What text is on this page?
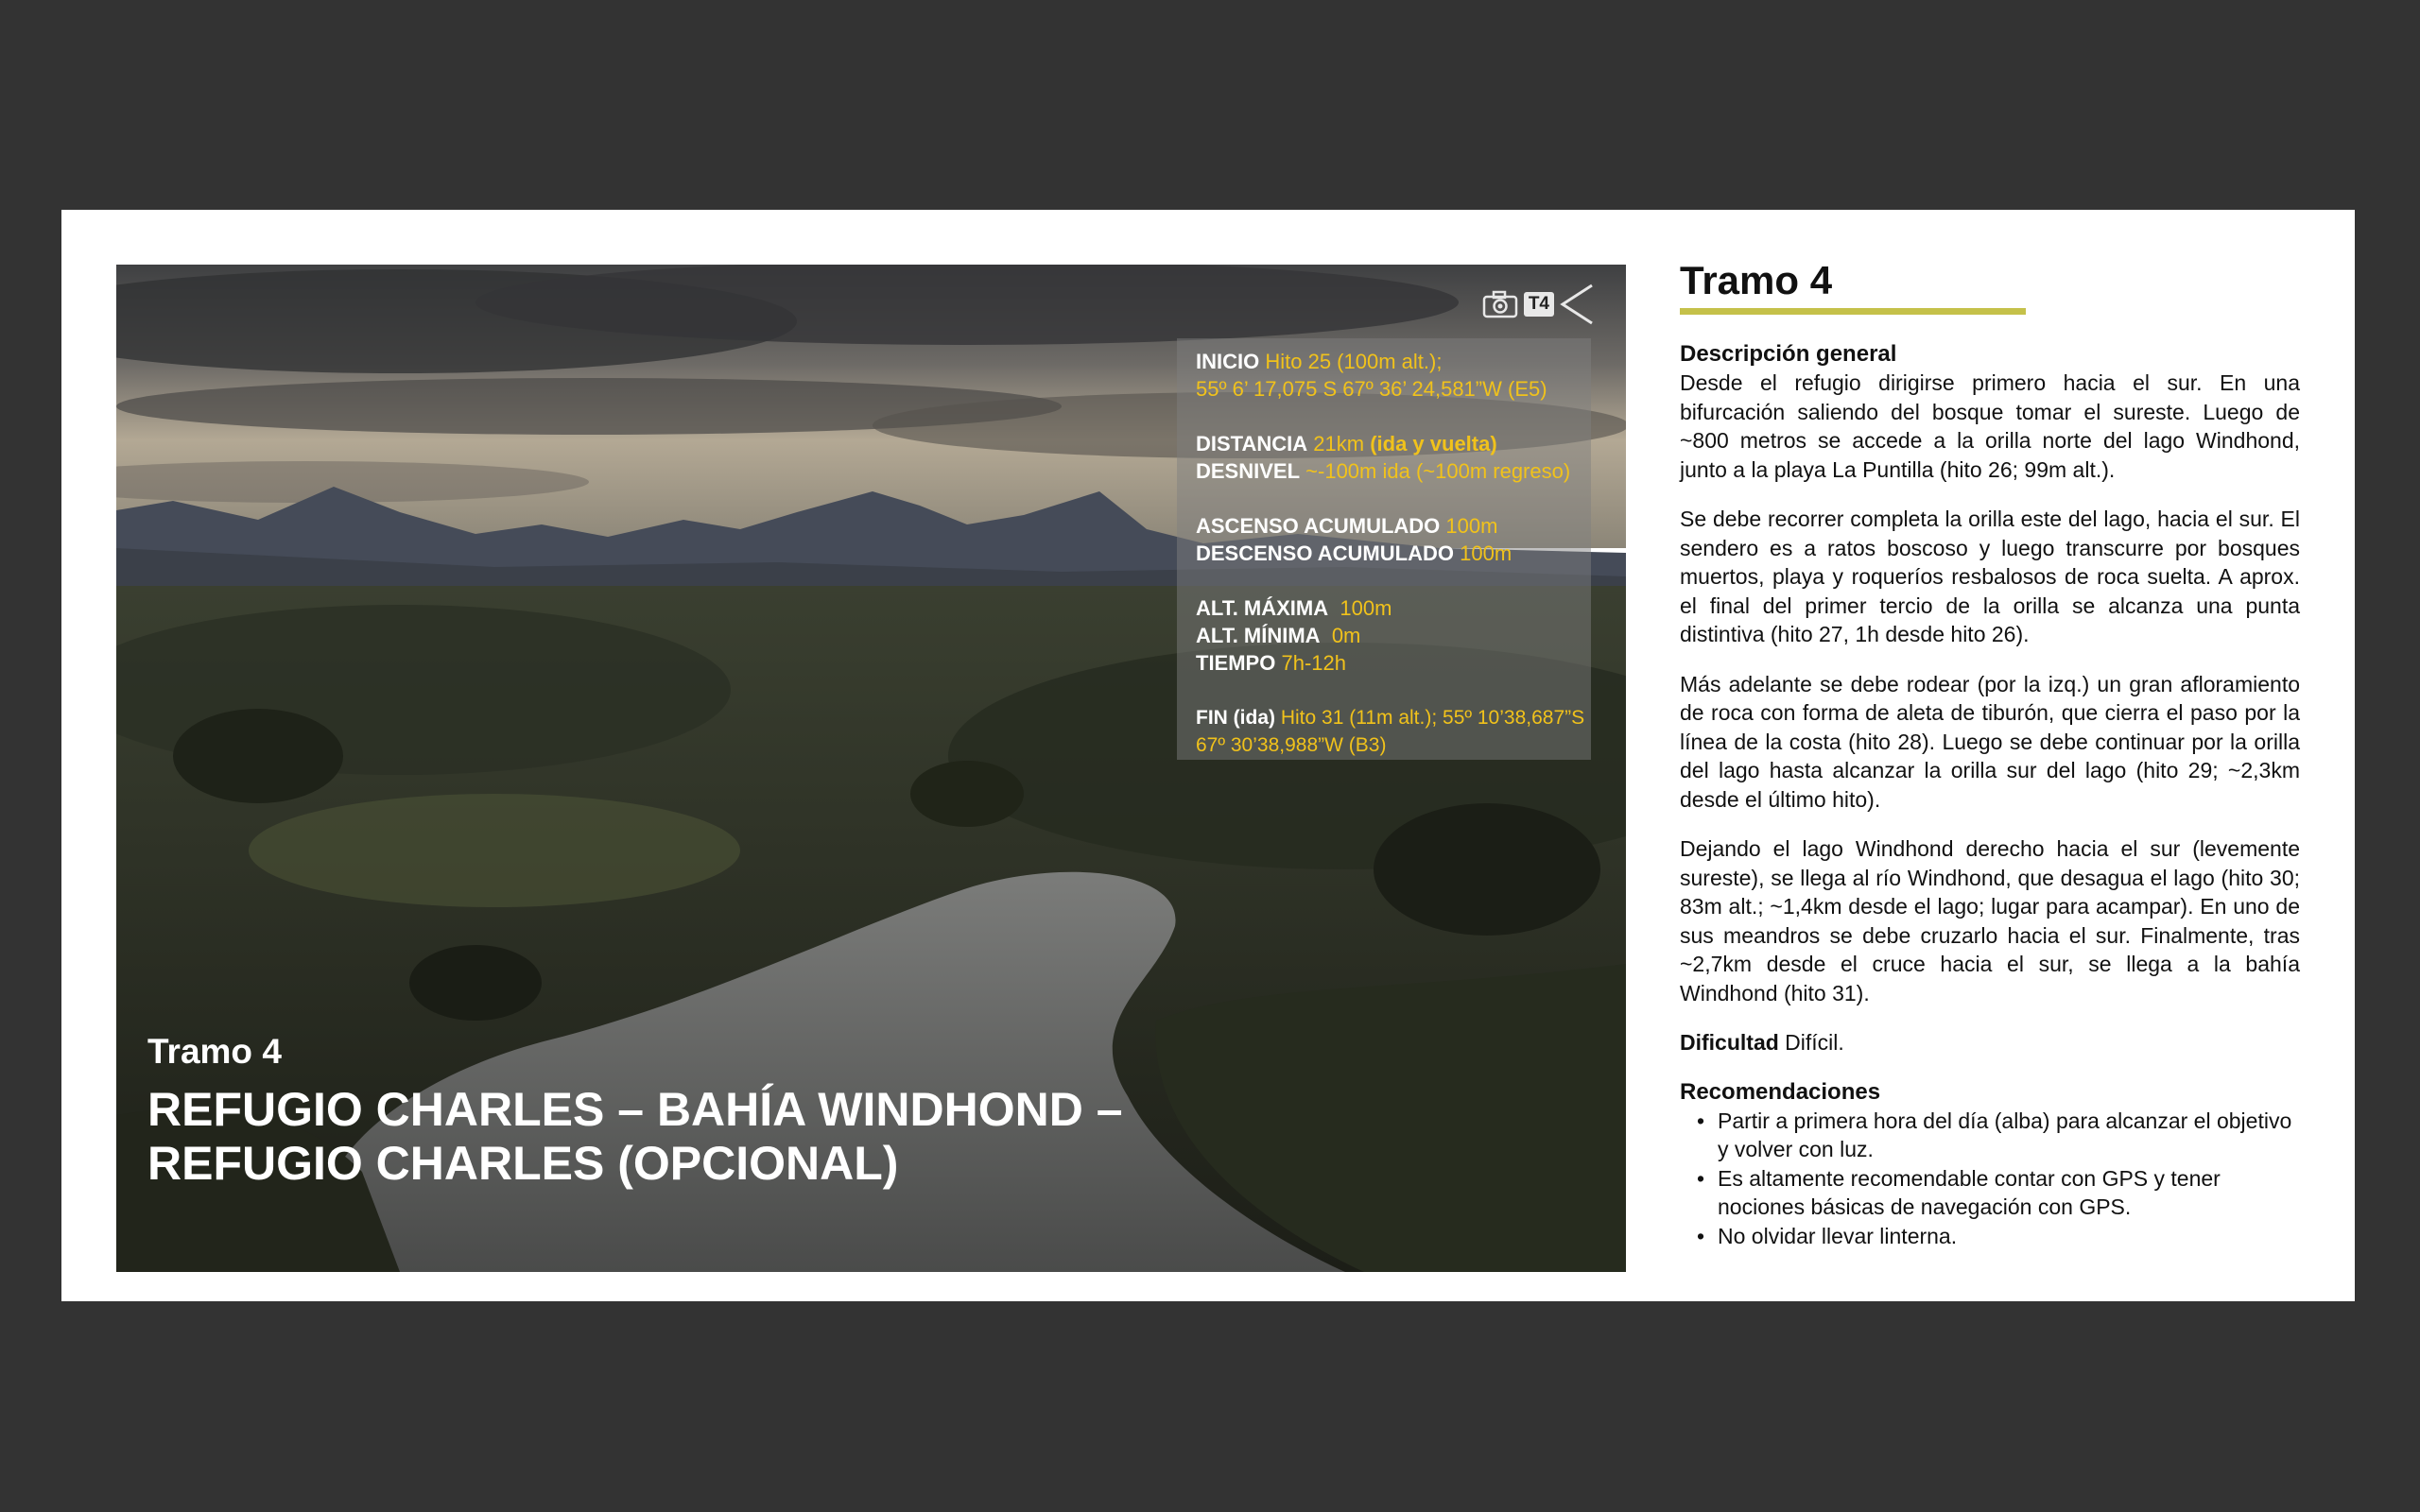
T4
INICIO Hito 25 (100m alt.);
55º 6’ 17,075 S 67º 36’ 24,581”W (E5)
DISTANCIA 21km (ida y vuelta)
DESNIVEL ~-100m ida (~100m regreso)
ASCENSO ACUMULADO 100m
DESCENSO ACUMULADO 100m
ALT. MÁXIMA 100m
ALT. MÍNIMA 0m
TIEMPO 7h-12h
FIN (ida) Hito 31 (11m alt.); 55º 10’38,687”S
67º 30’38,988”W (B3)
Tramo 4
REFUGIO CHARLES – BAHÍA WINDHOND –
REFUGIO CHARLES (OPCIONAL)
Tramo 4
Descripción general

Desde el refugio dirigirse primero hacia el sur. En una bifurcación saliendo del bosque tomar el sureste. Luego de ~800 metros se accede a la orilla norte del lago Windhond, junto a la playa La Puntilla (hito 26; 99m alt.).

Se debe recorrer completa la orilla este del lago, hacia el sur. El sendero es a ratos boscoso y luego transcurre por bosques muertos, playa y roqueríos resbalosos de roca suelta. A aprox. el final del primer tercio de la orilla se alcanza una punta distintiva (hito 27, 1h desde hito 26).

Más adelante se debe rodear (por la izq.) un gran afloramiento de roca con forma de aleta de tiburón, que cierra el paso por la línea de la costa (hito 28). Luego se debe continuar por la orilla del lago hasta alcanzar la orilla sur del lago (hito 29; ~2,3km desde el último hito).

Dejando el lago Windhond derecho hacia el sur (levemente sureste), se llega al río Windhond, que desagua el lago (hito 30; 83m alt.; ~1,4km desde el lago; lugar para acampar). En uno de sus meandros se debe cruzarlo hacia el sur. Finalmente, tras ~2,7km desde el cruce hacia el sur, se llega a la bahía Windhond (hito 31).

Dificultad Difícil.
Recomendaciones
• Partir a primera hora del día (alba) para alcanzar el objetivo y volver con luz.
• Es altamente recomendable contar con GPS y tener nociones básicas de navegación con GPS.
• No olvidar llevar linterna.
